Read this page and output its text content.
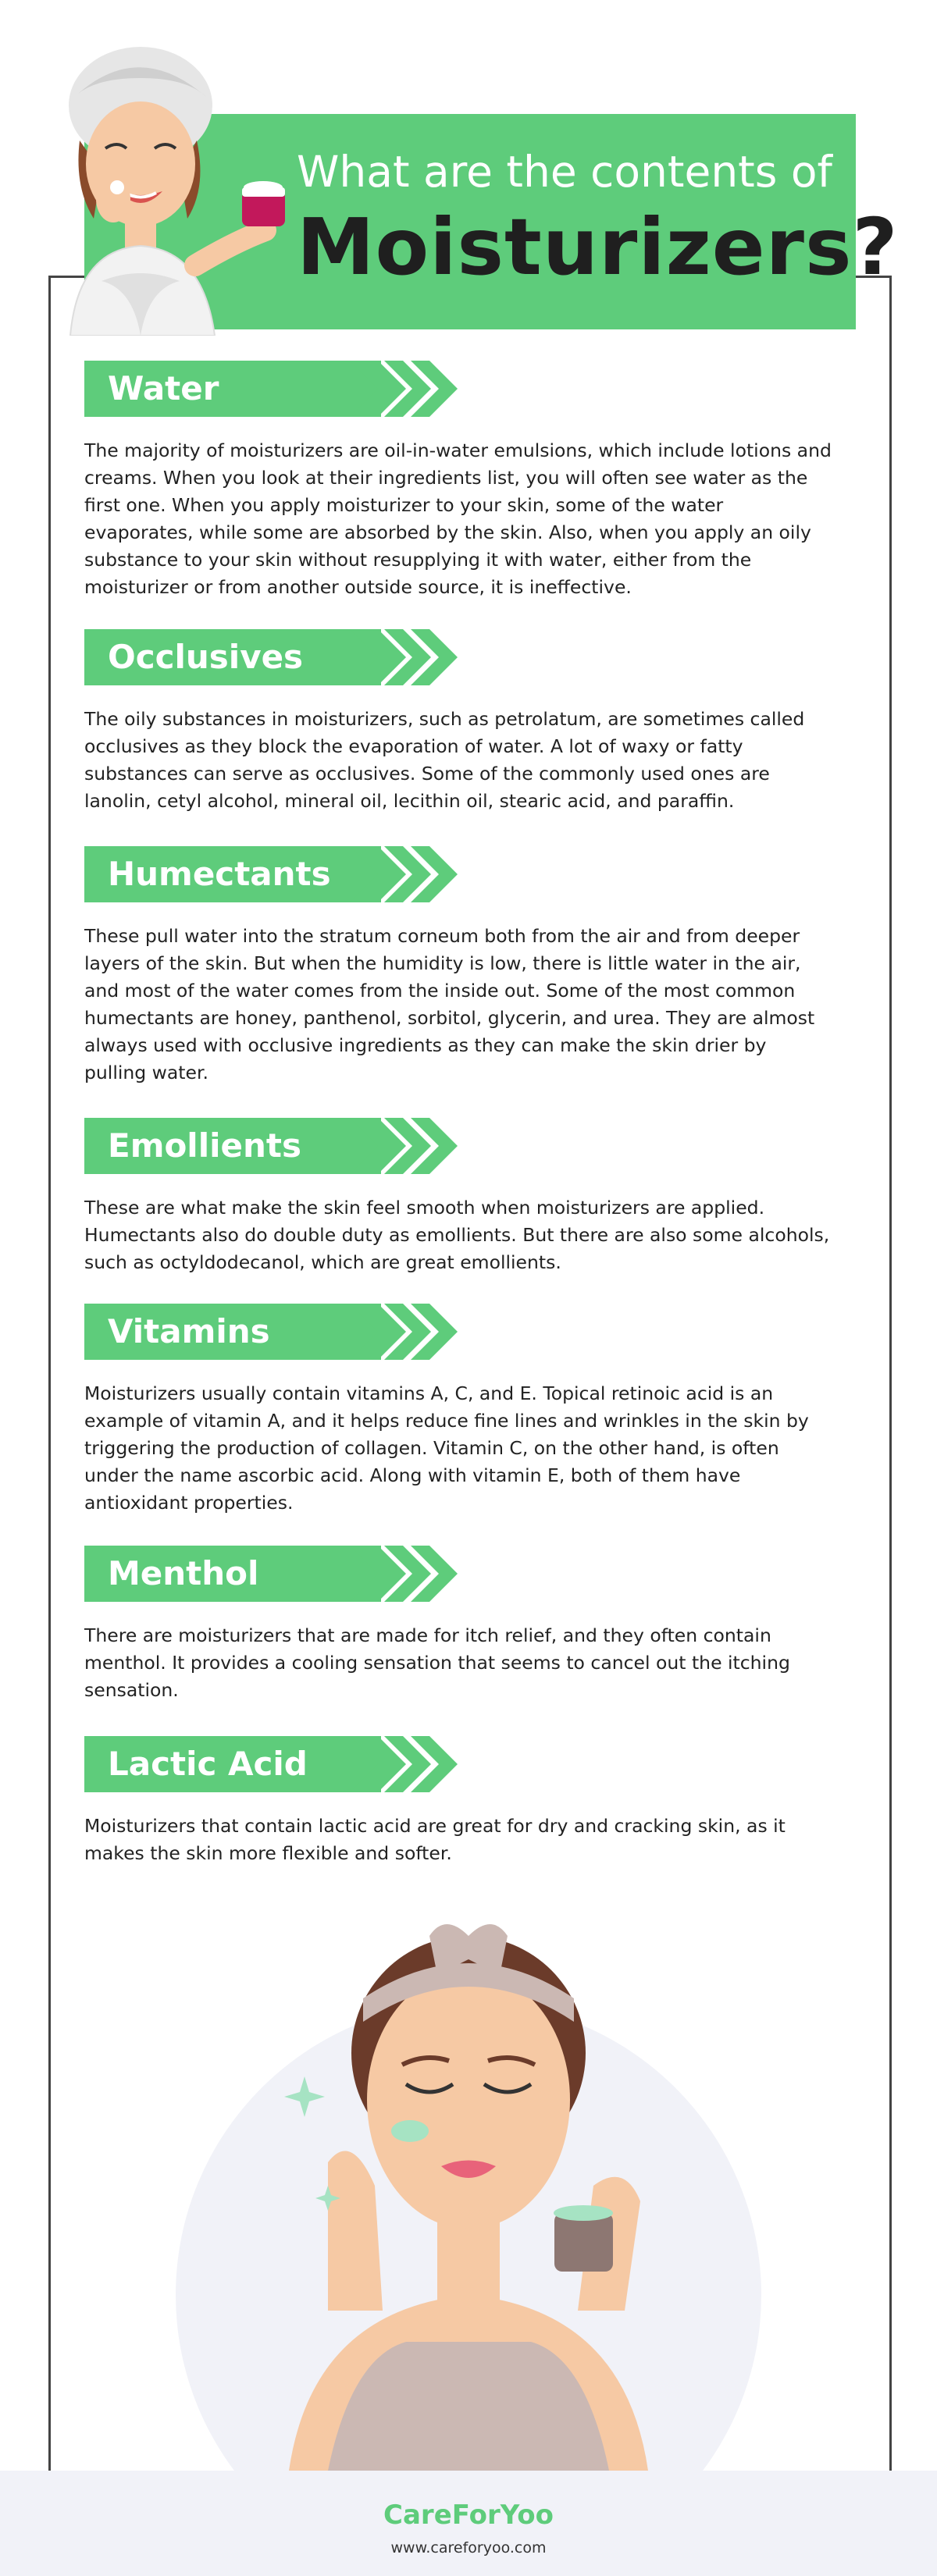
What are the contents of
Moisturizers?
Water
The majority of moisturizers are oil-in-water emulsions, which include lotions and creams. When you look at their ingredients list, you will often see water as the first one. When you apply moisturizer to your skin, some of the water evaporates, while some are absorbed by the skin. Also, when you apply an oily substance to your skin without resupplying it with water, either from the moisturizer or from another outside source, it is ineffective.
Occlusives
The oily substances in moisturizers, such as petrolatum, are sometimes called occlusives as they block the evaporation of water. A lot of waxy or fatty substances can serve as occlusives. Some of the commonly used ones are lanolin, cetyl alcohol, mineral oil, lecithin oil, stearic acid, and paraffin.
Humectants
These pull water into the stratum corneum both from the air and from deeper layers of the skin. But when the humidity is low, there is little water in the air, and most of the water comes from the inside out. Some of the most common humectants are honey, panthenol, sorbitol, glycerin, and urea. They are almost always used with occlusive ingredients as they can make the skin drier by pulling water.
Emollients
These are what make the skin feel smooth when moisturizers are applied. Humectants also do double duty as emollients. But there are also some alcohols, such as octyldodecanol, which are great emollients.
Vitamins
Moisturizers usually contain vitamins A, C, and E. Topical retinoic acid is an example of vitamin A, and it helps reduce fine lines and wrinkles in the skin by triggering the production of collagen. Vitamin C, on the other hand, is often under the name ascorbic acid. Along with vitamin E, both of them have antioxidant properties.
Menthol
There are moisturizers that are made for itch relief, and they often contain menthol. It provides a cooling sensation that seems to cancel out the itching sensation.
Lactic Acid
Moisturizers that contain lactic acid are great for dry and cracking skin, as it makes the skin more flexible and softer.
CareForYoo
www.careforyoo.com
